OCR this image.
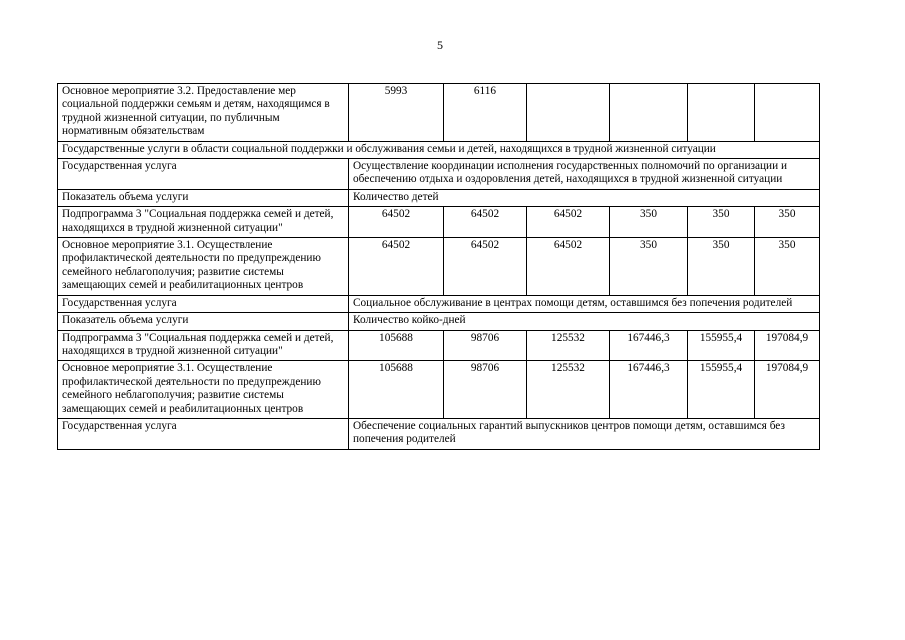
5
Основное мероприятие 3.2. Предоставление мер социальной поддержки семьям и детям, находящимся в трудной жизненной ситуации, по публичным нормативным обязательствам	5993	6116				
Государственные услуги в области социальной поддержки и обслуживания семьи и детей, находящихся в трудной жизненной ситуации						
Государственная услуга	Осуществление координации исполнения государственных полномочий по организации и обеспечению отдыха и оздоровления детей, находящихся в трудной жизненной ситуации					
Показатель объема услуги	Количество детей					
Подпрограмма 3 "Социальная поддержка семей и детей, находящихся в трудной жизненной ситуации"	64502	64502	64502	350	350	350
Основное мероприятие 3.1. Осуществление профилактической деятельности по предупреждению семейного неблагополучия; развитие системы замещающих семей и реабилитационных центров	64502	64502	64502	350	350	350
Государственная услуга	Социальное обслуживание в центрах помощи детям, оставшимся без попечения родителей					
Показатель объема услуги	Количество койко-дней					
Подпрограмма 3 "Социальная поддержка семей и детей, находящихся в трудной жизненной ситуации"	105688	98706	125532	167446,3	155955,4	197084,9
Основное мероприятие 3.1. Осуществление профилактической деятельности по предупреждению семейного неблагополучия; развитие системы замещающих семей и реабилитационных центров	105688	98706	125532	167446,3	155955,4	197084,9
Государственная услуга	Обеспечение социальных гарантий выпускников центров помощи детям, оставшимся без попечения родителей					
